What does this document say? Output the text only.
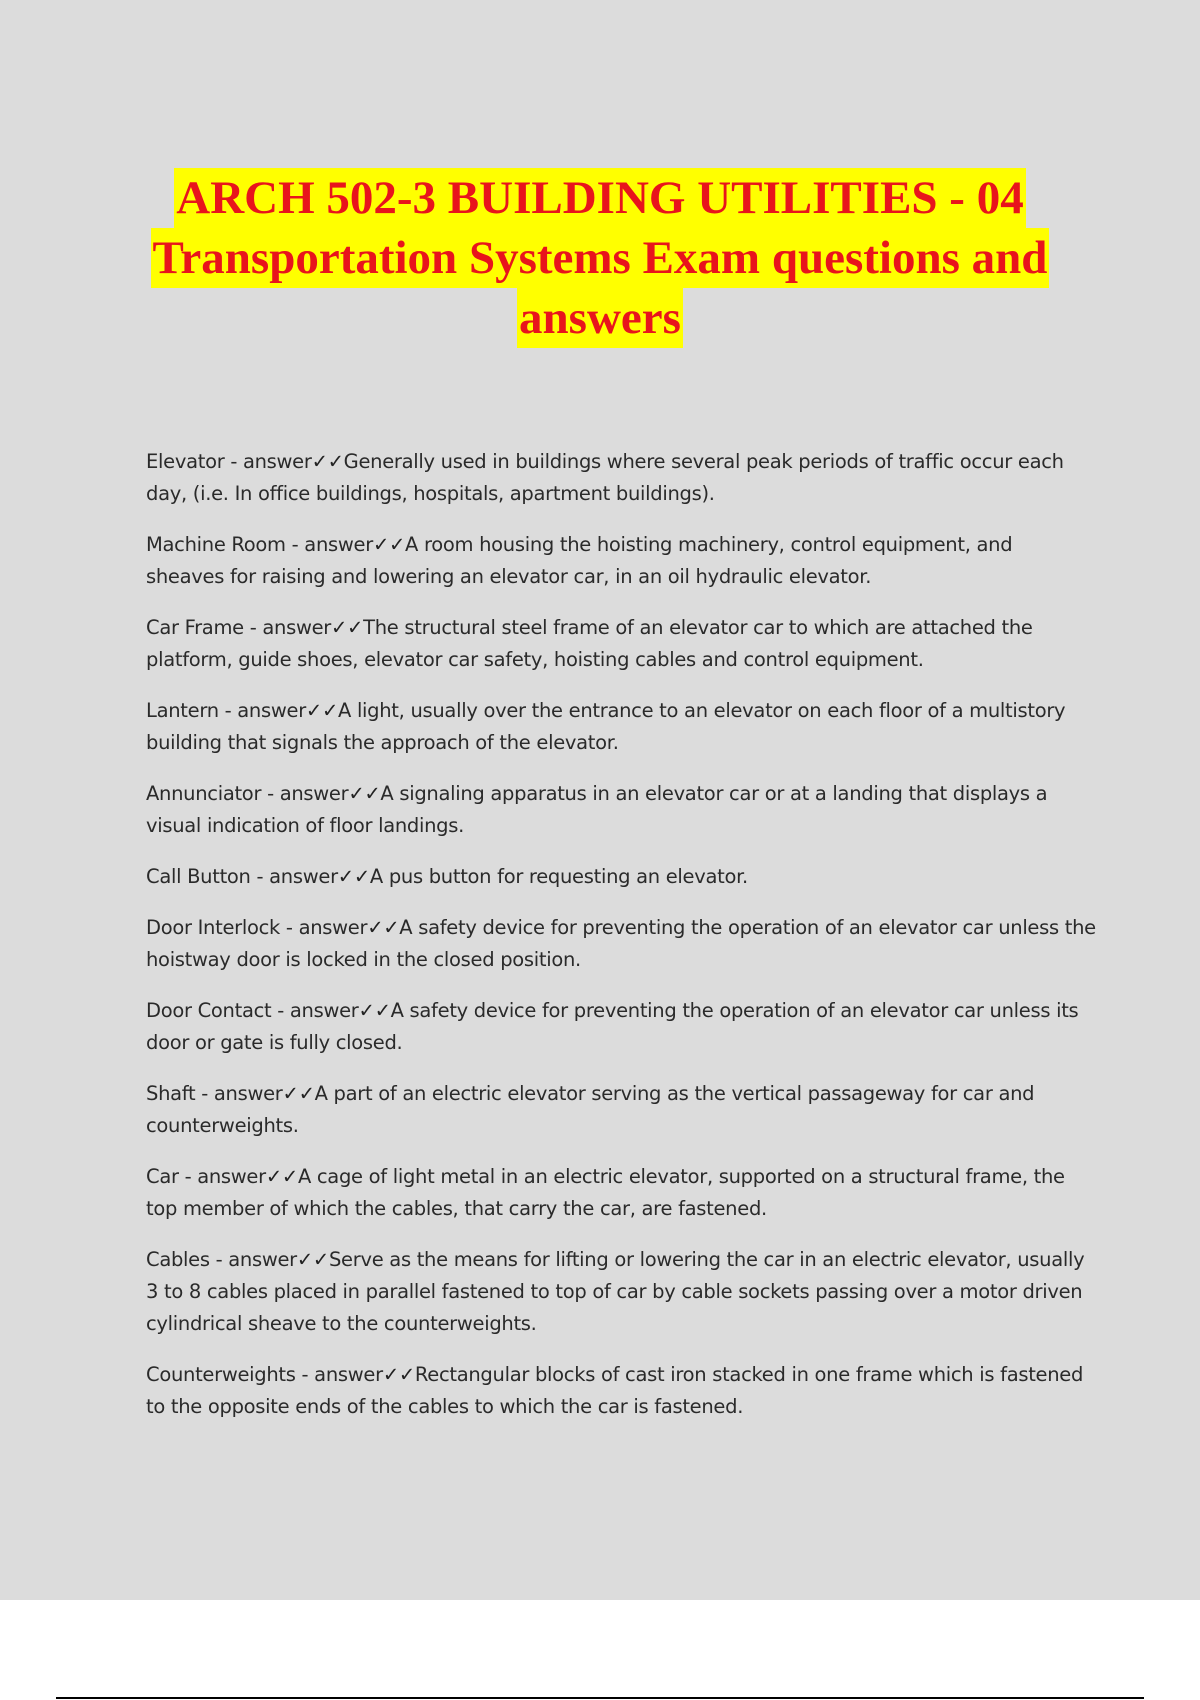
ARCH 502-3 BUILDING UTILITIES - 04
Transportation Systems Exam questions and
answers
Elevator - answer✓✓Generally used in buildings where several peak periods of traffic occur each day, (i.e. In office buildings, hospitals, apartment buildings).
Machine Room - answer✓✓A room housing the hoisting machinery, control equipment, and sheaves for raising and lowering an elevator car, in an oil hydraulic elevator.
Car Frame - answer✓✓The structural steel frame of an elevator car to which are attached the platform, guide shoes, elevator car safety, hoisting cables and control equipment.
Lantern - answer✓✓A light, usually over the entrance to an elevator on each floor of a multistory building that signals the approach of the elevator.
Annunciator - answer✓✓A signaling apparatus in an elevator car or at a landing that displays a visual indication of floor landings.
Call Button - answer✓✓A pus button for requesting an elevator.
Door Interlock - answer✓✓A safety device for preventing the operation of an elevator car unless the hoistway door is locked in the closed position.
Door Contact - answer✓✓A safety device for preventing the operation of an elevator car unless its door or gate is fully closed.
Shaft - answer✓✓A part of an electric elevator serving as the vertical passageway for car and counterweights.
Car - answer✓✓A cage of light metal in an electric elevator, supported on a structural frame, the top member of which the cables, that carry the car, are fastened.
Cables - answer✓✓Serve as the means for lifting or lowering the car in an electric elevator, usually 3 to 8 cables placed in parallel fastened to top of car by cable sockets passing over a motor driven cylindrical sheave to the counterweights.
Counterweights - answer✓✓Rectangular blocks of cast iron stacked in one frame which is fastened to the opposite ends of the cables to which the car is fastened.
